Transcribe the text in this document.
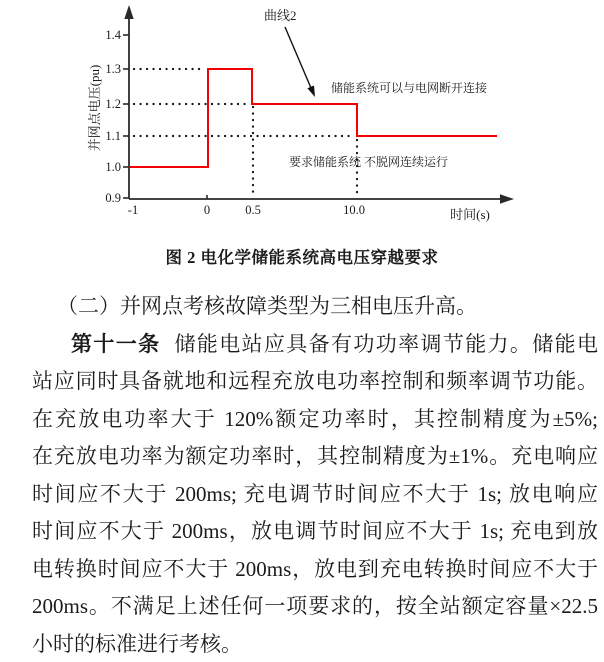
1.4
1.3
1.2
1.1
1.0
0.9
-1	0	0.5	10.0	时间(s)
并网点电压(pu)
曲线2
储能系统可以与电网断开连接
要求储能系统 不脱网连续运行
图 2 电化学储能系统高电压穿越要求
（二）并网点考核故障类型为三相电压升高。
第十一条 储能电站应具备有功功率调节能力。储能电
站应同时具备就地和远程充放电功率控制和频率调节功能。
在充放电功率大于 120%额定功率时，其控制精度为±5%;
在充放电功率为额定功率时，其控制精度为±1%。充电响应
时间应不大于 200ms; 充电调节时间应不大于 1s; 放电响应
时间应不大于 200ms，放电调节时间应不大于 1s; 充电到放
电转换时间应不大于 200ms，放电到充电转换时间应不大于
200ms。不满足上述任何一项要求的，按全站额定容量×22.5
小时的标准进行考核。
